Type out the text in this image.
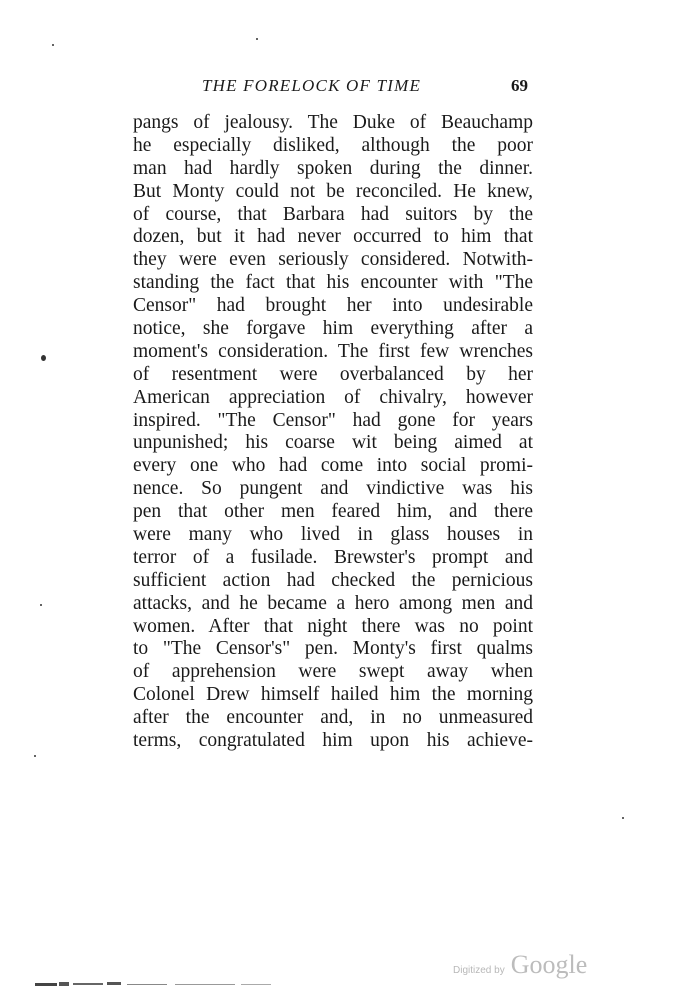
THE FORELOCK OF TIME	69
pangs of jealousy. The Duke of Beauchamp
he especially disliked, although the poor
man had hardly spoken during the dinner.
But Monty could not be reconciled. He knew,
of course, that Barbara had suitors by the
dozen, but it had never occurred to him that
they were even seriously considered. Notwith-
standing the fact that his encounter with "The
Censor" had brought her into undesirable
notice, she forgave him everything after a
moment's consideration. The first few wrenches
of resentment were overbalanced by her
American appreciation of chivalry, however
inspired. "The Censor" had gone for years
unpunished; his coarse wit being aimed at
every one who had come into social promi-
nence. So pungent and vindictive was his
pen that other men feared him, and there
were many who lived in glass houses in
terror of a fusilade. Brewster's prompt and
sufficient action had checked the pernicious
attacks, and he became a hero among men and
women. After that night there was no point
to "The Censor's" pen. Monty's first qualms
of apprehension were swept away when
Colonel Drew himself hailed him the morning
after the encounter and, in no unmeasured
terms, congratulated him upon his achieve-
Digitized by Google
